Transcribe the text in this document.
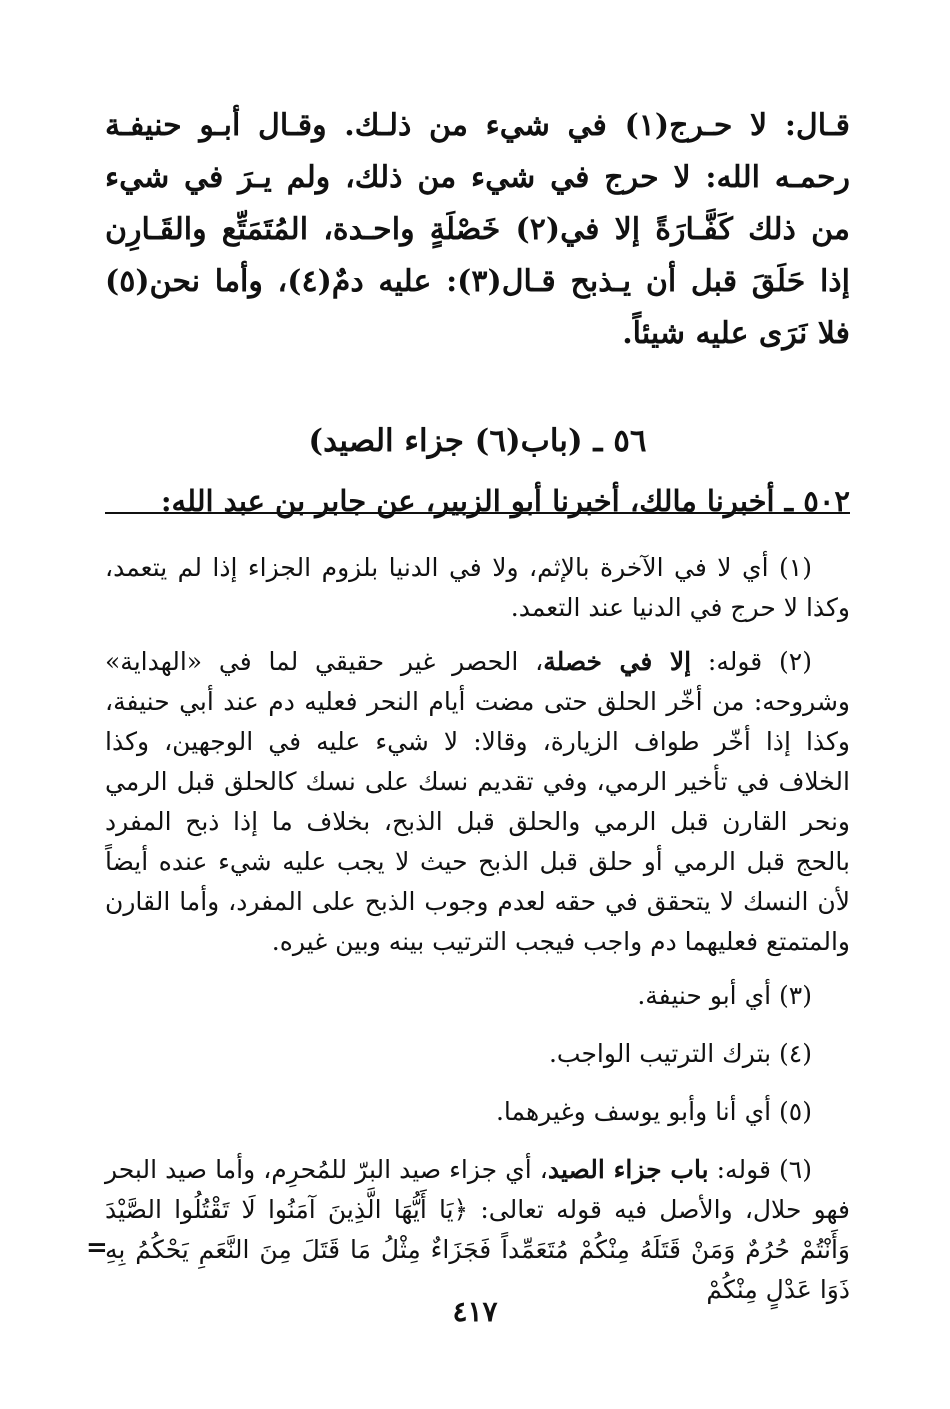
قـال: لا حـرج(١) في شيء من ذلـك. وقـال أبـو حنيفـة رحمـه الله: لا حرج في شيء من ذلك، ولم يـرَ في شيء من ذلك كَفَّـارَةً إلا في(٢) خَصْلَةٍ واحـدة، المُتَمَتِّع والقَـارِن إذا حَلَقَ قبل أن يـذبح قـال(٣): عليه دمٌ(٤)، وأما نحن(٥) فلا نَرَى عليه شيئاً.

٥٦ ـ (باب(٦) جزاء الصيد)

٥٠٢ ـ أخبرنا مالك، أخبرنا أبو الزبير، عن جابر بن عبد الله:

(١) أي لا في الآخرة بالإثم، ولا في الدنيا بلزوم الجزاء إذا لم يتعمد، وكذا لا حرج في الدنيا عند التعمد.

(٢) قوله: إلا في خصلة، الحصر غير حقيقي لما في «الهداية» وشروحه: من أخّر الحلق حتى مضت أيام النحر فعليه دم عند أبي حنيفة، وكذا إذا أخّر طواف الزيارة، وقالا: لا شيء عليه في الوجهين، وكذا الخلاف في تأخير الرمي، وفي تقديم نسك على نسك كالحلق قبل الرمي ونحر القارن قبل الرمي والحلق قبل الذبح، بخلاف ما إذا ذبح المفرد بالحج قبل الرمي أو حلق قبل الذبح حيث لا يجب عليه شيء عنده أيضاً لأن النسك لا يتحقق في حقه لعدم وجوب الذبح على المفرد، وأما القارن والمتمتع فعليهما دم واجب فيجب الترتيب بينه وبين غيره.

(٣) أي أبو حنيفة.

(٤) بترك الترتيب الواجب.

(٥) أي أنا وأبو يوسف وغيرهما.

(٦) قوله: باب جزاء الصيد، أي جزاء صيد البرّ للمُحرِم، وأما صيد البحر فهو حلال، والأصل فيه قوله تعالى: ﴿يَا أَيُّهَا الَّذِينَ آمَنُوا لَا تَقْتُلُوا الصَّيْدَ وَأَنْتُمْ حُرُمٌ وَمَنْ قَتَلَهُ مِنْكُمْ مُتَعَمِّداً فَجَزَاءٌ مِثْلُ مَا قَتَلَ مِنَ النَّعَمِ يَحْكُمُ بِهِ ذَوَا عَدْلٍ مِنْكُمْ

=
٤١٧
